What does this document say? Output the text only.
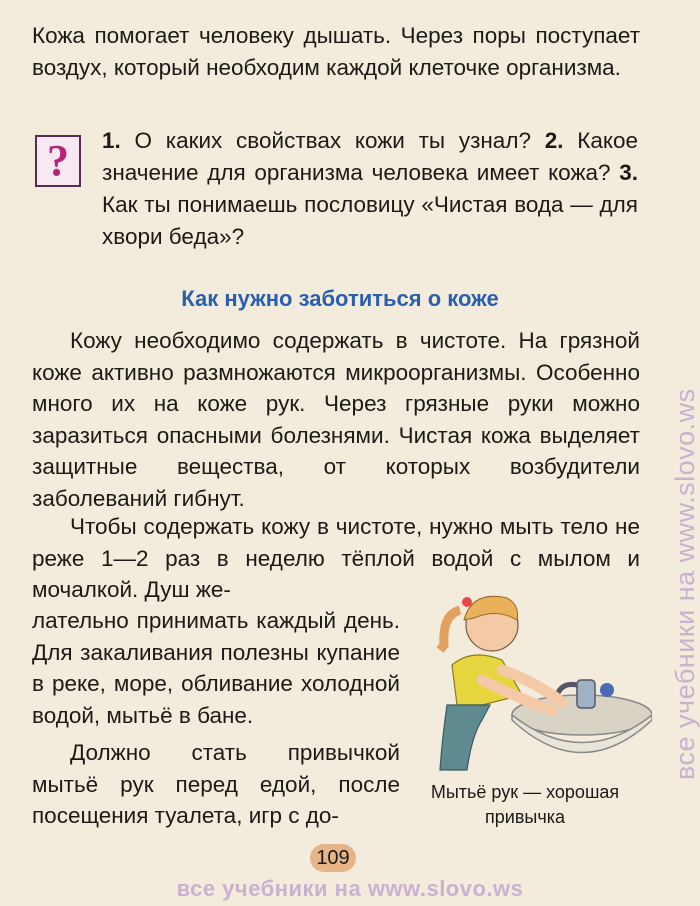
Кожа помогает человеку дышать. Через поры поступает воздух, который необходим каждой клеточке организма.

? 1. О каких свойствах кожи ты узнал? 2. Какое значение для организма человека имеет кожа? 3. Как ты понимаешь пословицу «Чистая вода — для хвори беда»?

Как нужно заботиться о коже

Кожу необходимо содержать в чистоте. На грязной коже активно размножаются микроорганизмы. Особенно много их на коже рук. Через грязные руки можно заразиться опасными болезнями. Чистая кожа выделяет защитные вещества, от которых возбудители заболеваний гибнут.

Чтобы содержать кожу в чистоте, нужно мыть тело не реже 1—2 раз в неделю тёплой водой с мылом и мочалкой. Душ же-

лательно принимать каждый день. Для закаливания полезны купание в реке, море, обливание холодной водой, мытьё в бане.

Должно стать привычкой мытьё рук перед едой, после посещения туалета, игр с до-

Мытьё рук — хорошая привычка
109
все учебники на www.slovo.ws
все учебники на www.slovo.ws
